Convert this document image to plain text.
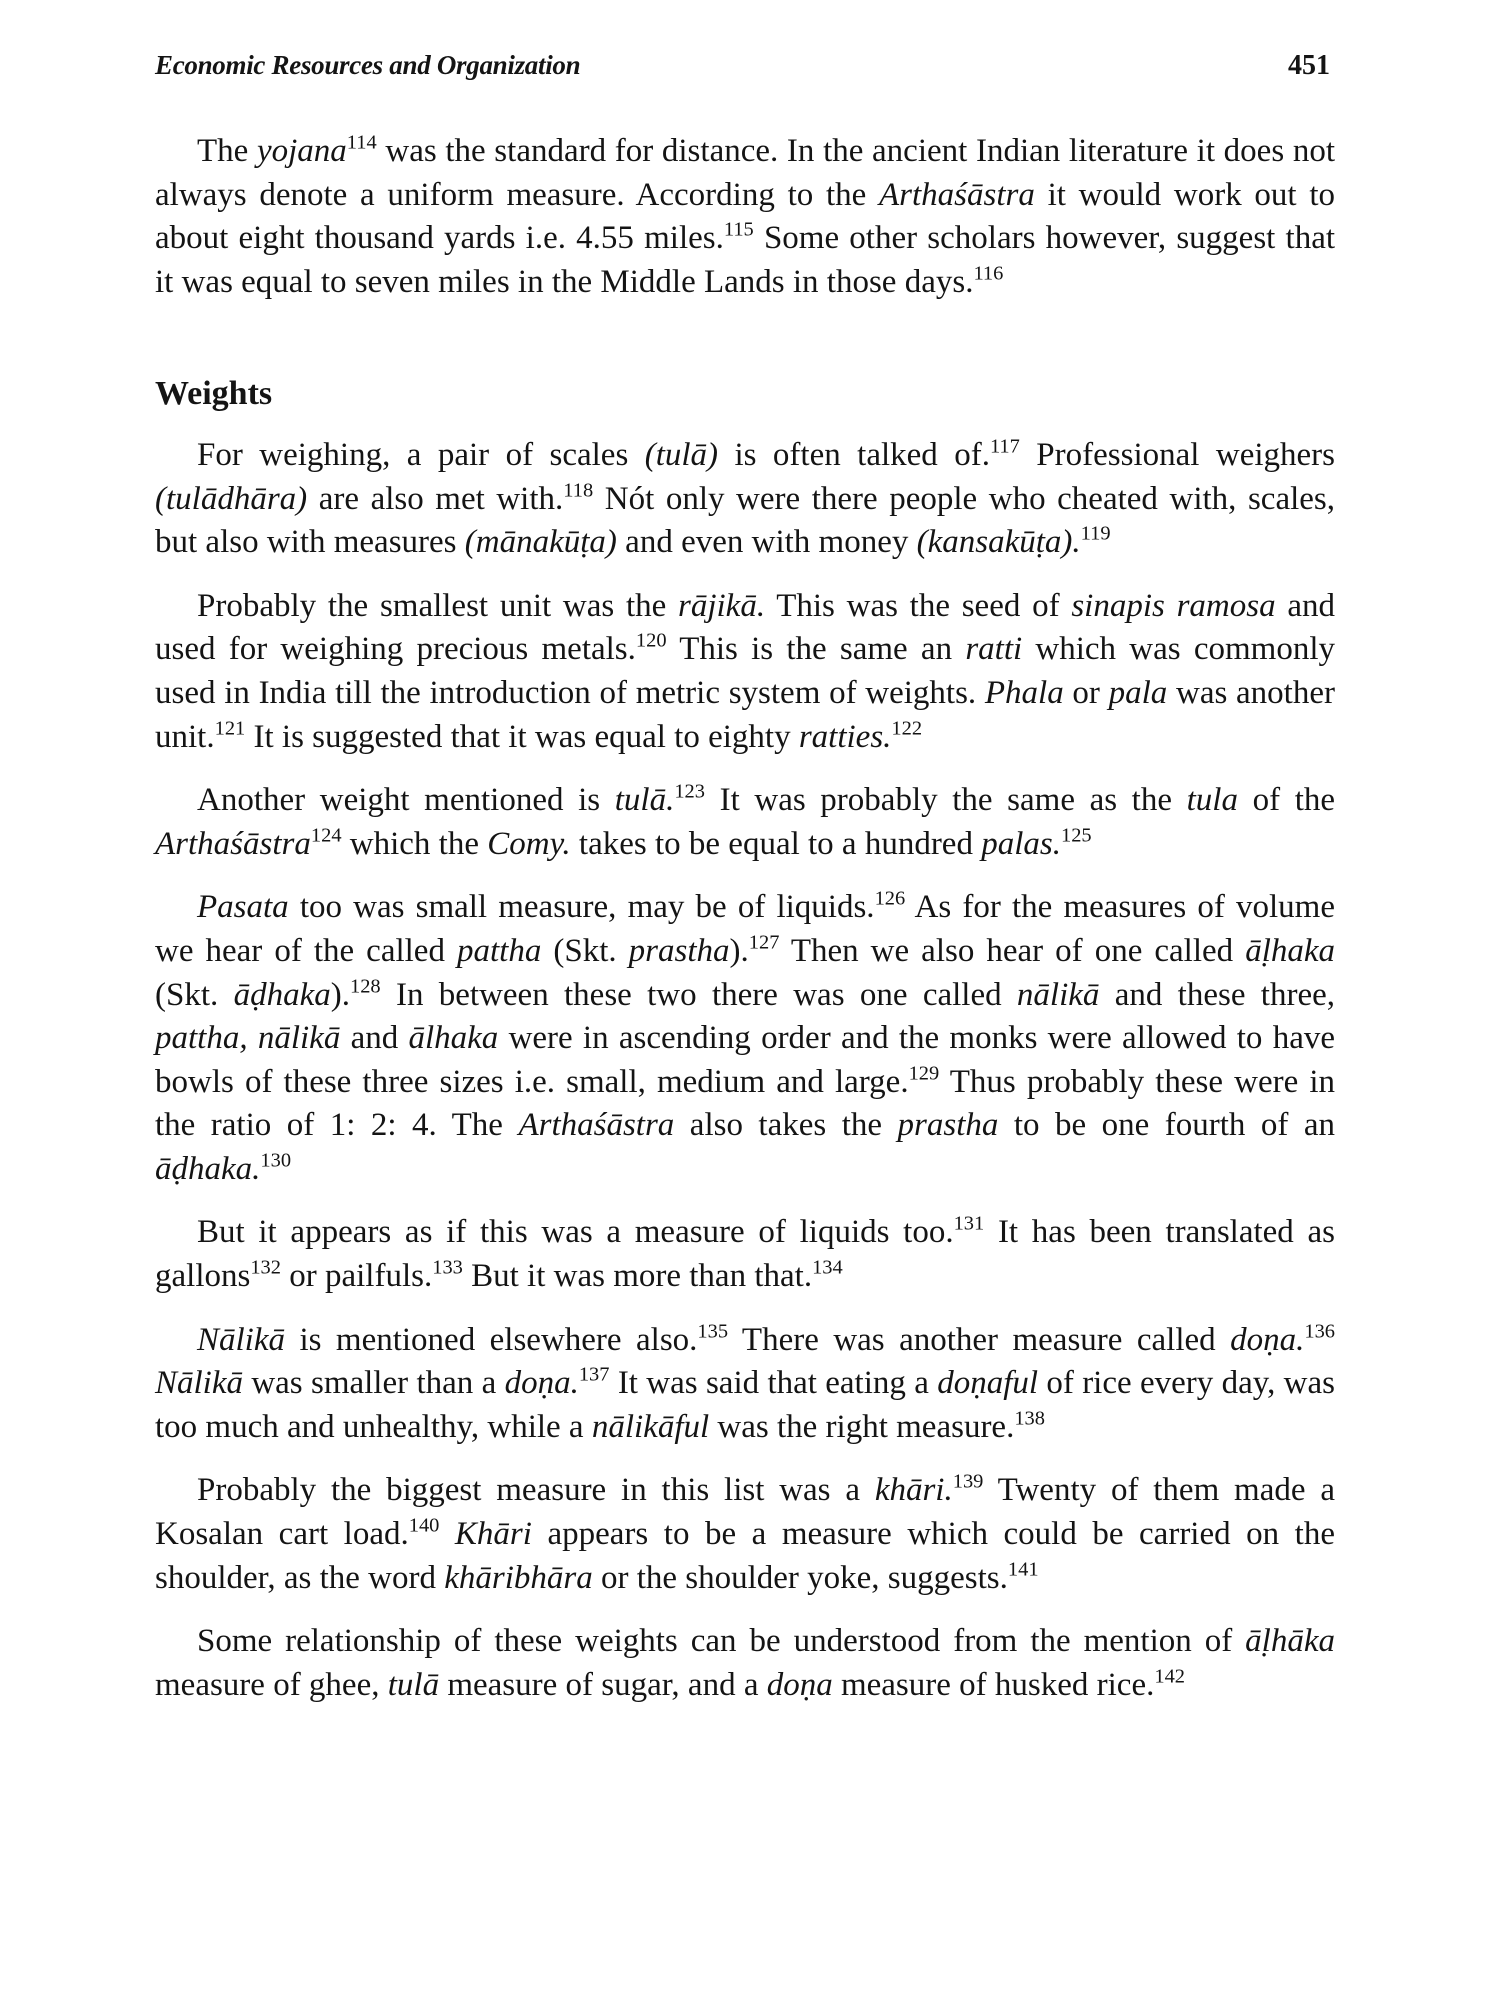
Economic Resources and Organization	451

The yojana$^{114}$ was the standard for distance. In the ancient Indian literature it does not always denote a uniform measure. According to the Arthaśāstra it would work out to about eight thousand yards i.e. 4.55 miles.$^{115}$ Some other scholars however, suggest that it was equal to seven miles in the Middle Lands in those days.$^{116}$

Weights

For weighing, a pair of scales (tulā) is often talked of.$^{117}$ Professional weighers (tulādhāra) are also met with.$^{118}$ Nót only were there people who cheated with, scales, but also with measures (mānakūṭa) and even with money (kansakūṭa).$^{119}$

Probably the smallest unit was the rājikā. This was the seed of sinapis ramosa and used for weighing precious metals.$^{120}$ This is the same an ratti which was commonly used in India till the introduction of metric system of weights. Phala or pala was another unit.$^{121}$ It is suggested that it was equal to eighty ratties.$^{122}$

Another weight mentioned is tulā.$^{123}$ It was probably the same as the tula of the Arthaśāstra$^{124}$ which the Comy. takes to be equal to a hundred palas.$^{125}$

Pasata too was small measure, may be of liquids.$^{126}$ As for the measures of volume we hear of the called pattha (Skt. prastha).$^{127}$ Then we also hear of one called āḷhaka (Skt. āḍhaka).$^{128}$ In between these two there was one called nālikā and these three, pattha, nālikā and ālhaka were in ascending order and the monks were allowed to have bowls of these three sizes i.e. small, medium and large.$^{129}$ Thus probably these were in the ratio of 1: 2: 4. The Arthaśāstra also takes the prastha to be one fourth of an āḍhaka.$^{130}$

But it appears as if this was a measure of liquids too.$^{131}$ It has been translated as gallons$^{132}$ or pailfuls.$^{133}$ But it was more than that.$^{134}$

Nālikā is mentioned elsewhere also.$^{135}$ There was another measure called doṇa.$^{136}$ Nālikā was smaller than a doṇa.$^{137}$ It was said that eating a doṇaful of rice every day, was too much and unhealthy, while a nālikāful was the right measure.$^{138}$

Probably the biggest measure in this list was a khāri.$^{139}$ Twenty of them made a Kosalan cart load.$^{140}$ Khāri appears to be a measure which could be carried on the shoulder, as the word khāribhāra or the shoulder yoke, suggests.$^{141}$

Some relationship of these weights can be understood from the mention of āḷhāka measure of ghee, tulā measure of sugar, and a doṇa measure of husked rice.$^{142}$
